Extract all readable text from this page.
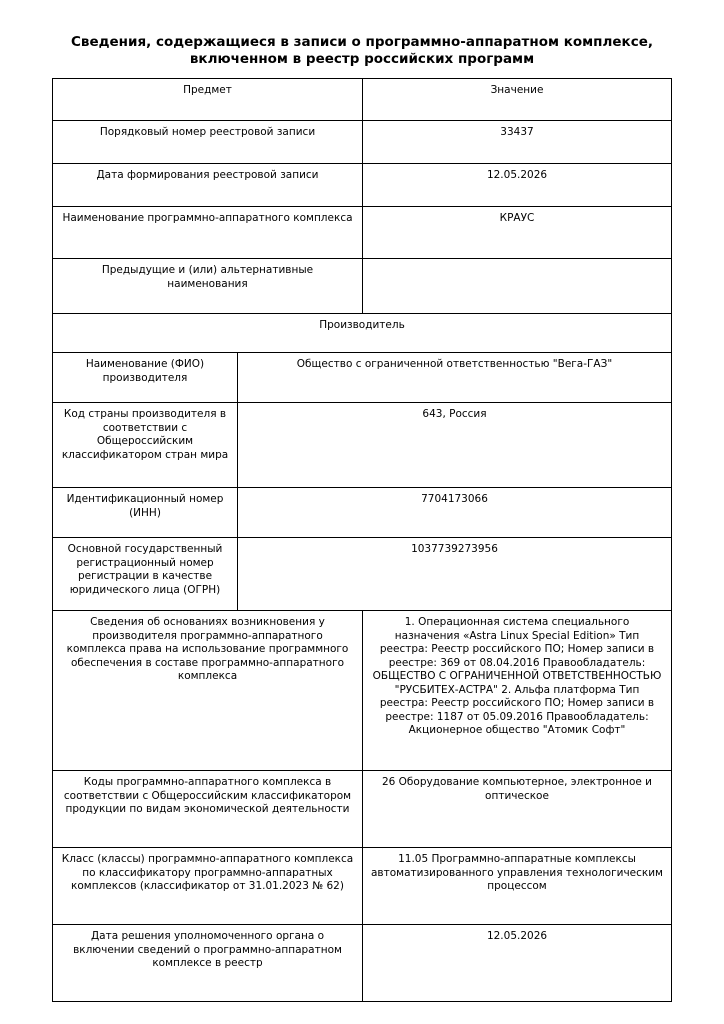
Сведения, содержащиеся в записи о программно-аппаратном комплексе,
включенном в реестр российских программ
Предмет		Значение
Порядковый номер реестровой записи		33437
Дата формирования реестровой записи		12.05.2026
Наименование программно-аппаратного комплекса		КРАУС
Предыдущие и (или) альтернативные наименования		
Производитель		
Наименование (ФИО) производителя	Общество с ограниченной ответственностью "Вега-ГАЗ"	
Код страны производителя в соответствии с Общероссийским классификатором стран мира	643, Россия	
Идентификационный номер (ИНН)	7704173066	
Основной государственный регистрационный номер регистрации в качестве юридического лица (ОГРН)	1037739273956	
Сведения об основаниях возникновения у производителя программно-аппаратного комплекса права на использование программного обеспечения в составе программно-аппаратного комплекса		1. Операционная система специального назначения «Astra Linux Special Edition» Тип реестра: Реестр российского ПО; Номер записи в реестре: 369 от 08.04.2016 Правообладатель: ОБЩЕСТВО С ОГРАНИЧЕННОЙ ОТВЕТСТВЕННОСТЬЮ "РУСБИТЕХ-АСТРА" 2. Альфа платформа Тип реестра: Реестр российского ПО; Номер записи в реестре: 1187 от 05.09.2016 Правообладатель: Акционерное общество "Атомик Софт"
Коды программно-аппаратного комплекса в соответствии с Общероссийским классификатором продукции по видам экономической деятельности		26 Оборудование компьютерное, электронное и оптическое
Класс (классы) программно-аппаратного комплекса по классификатору программно-аппаратных комплексов (классификатор от 31.01.2023 № 62)		11.05 Программно-аппаратные комплексы автоматизированного управления технологическим процессом
Дата решения уполномоченного органа о включении сведений о программно-аппаратном комплексе в реестр		12.05.2026
